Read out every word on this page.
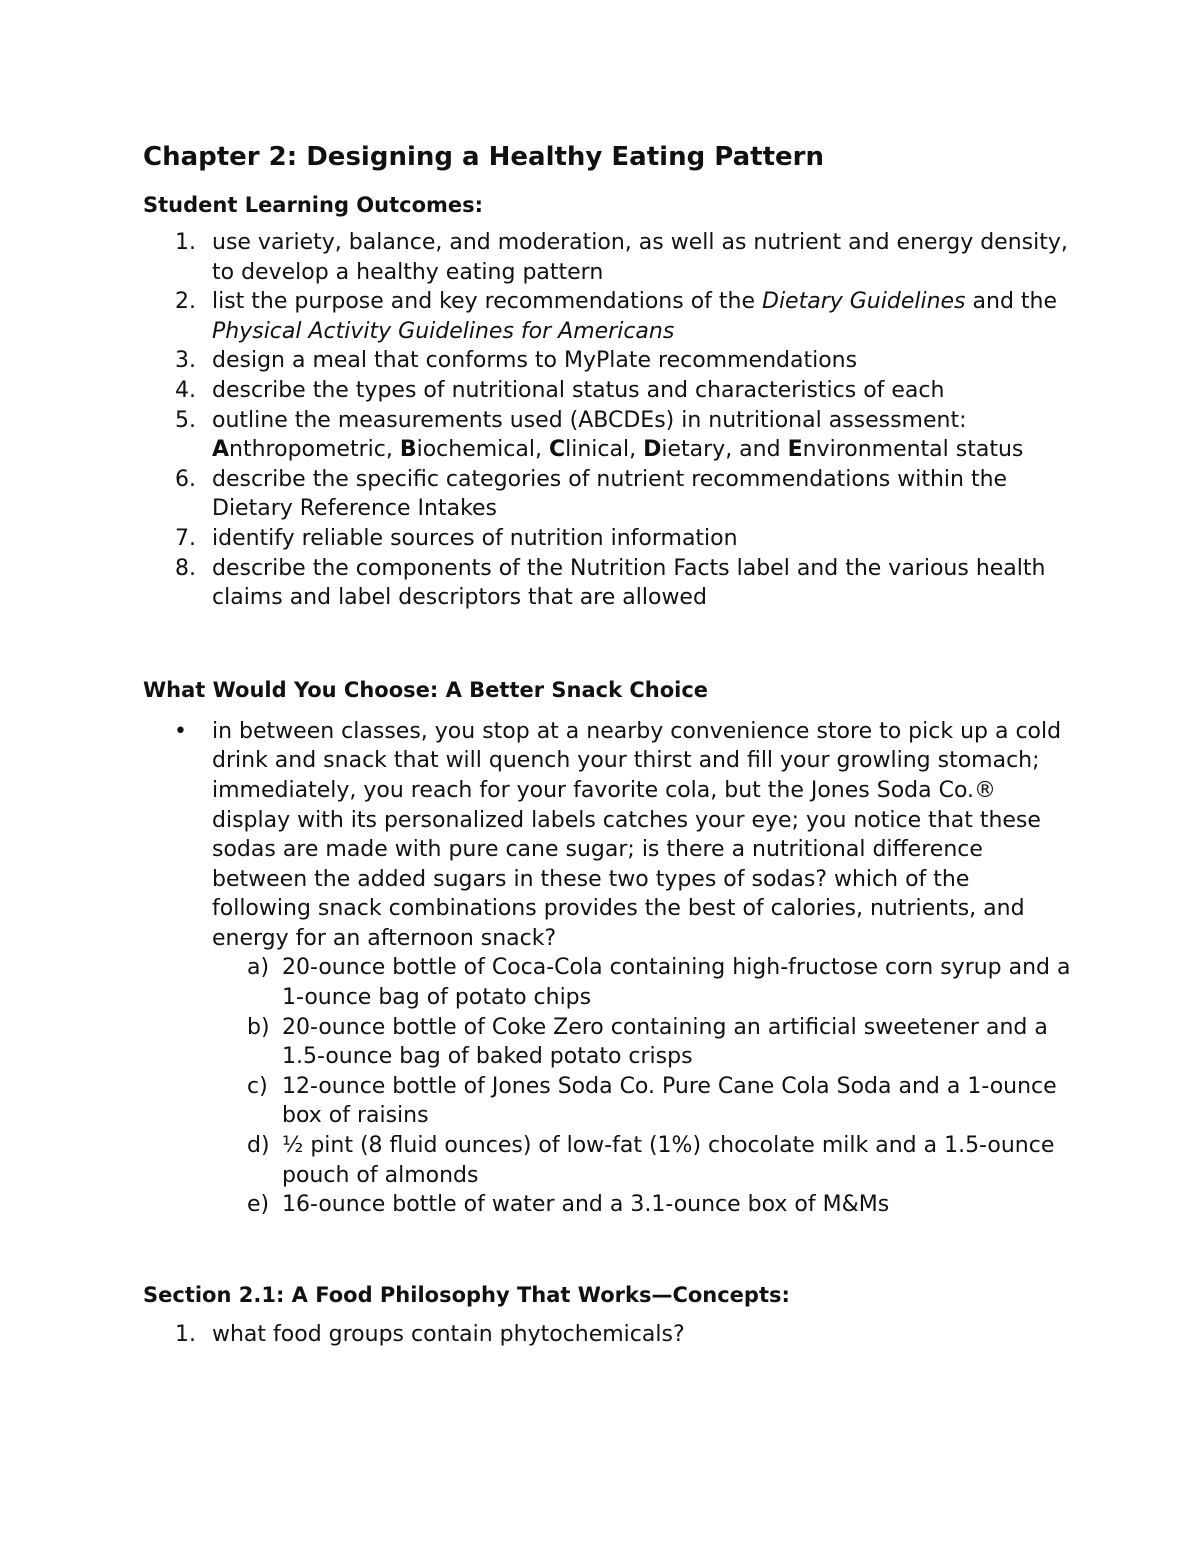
Chapter 2: Designing a Healthy Eating Pattern
Student Learning Outcomes:
1. use variety, balance, and moderation, as well as nutrient and energy density, to develop a healthy eating pattern
2. list the purpose and key recommendations of the Dietary Guidelines and the Physical Activity Guidelines for Americans
3. design a meal that conforms to MyPlate recommendations
4. describe the types of nutritional status and characteristics of each
5. outline the measurements used (ABCDEs) in nutritional assessment: Anthropometric, Biochemical, Clinical, Dietary, and Environmental status
6. describe the specific categories of nutrient recommendations within the Dietary Reference Intakes
7. identify reliable sources of nutrition information
8. describe the components of the Nutrition Facts label and the various health claims and label descriptors that are allowed
What Would You Choose: A Better Snack Choice
• in between classes, you stop at a nearby convenience store to pick up a cold drink and snack that will quench your thirst and fill your growling stomach; immediately, you reach for your favorite cola, but the Jones Soda Co.® display with its personalized labels catches your eye; you notice that these sodas are made with pure cane sugar; is there a nutritional difference between the added sugars in these two types of sodas? which of the following snack combinations provides the best of calories, nutrients, and energy for an afternoon snack?
a) 20-ounce bottle of Coca-Cola containing high-fructose corn syrup and a 1-ounce bag of potato chips
b) 20-ounce bottle of Coke Zero containing an artificial sweetener and a 1.5-ounce bag of baked potato crisps
c) 12-ounce bottle of Jones Soda Co. Pure Cane Cola Soda and a 1-ounce box of raisins
d) ½ pint (8 fluid ounces) of low-fat (1%) chocolate milk and a 1.5-ounce pouch of almonds
e) 16-ounce bottle of water and a 3.1-ounce box of M&Ms
Section 2.1: A Food Philosophy That Works—Concepts:
1. what food groups contain phytochemicals?
